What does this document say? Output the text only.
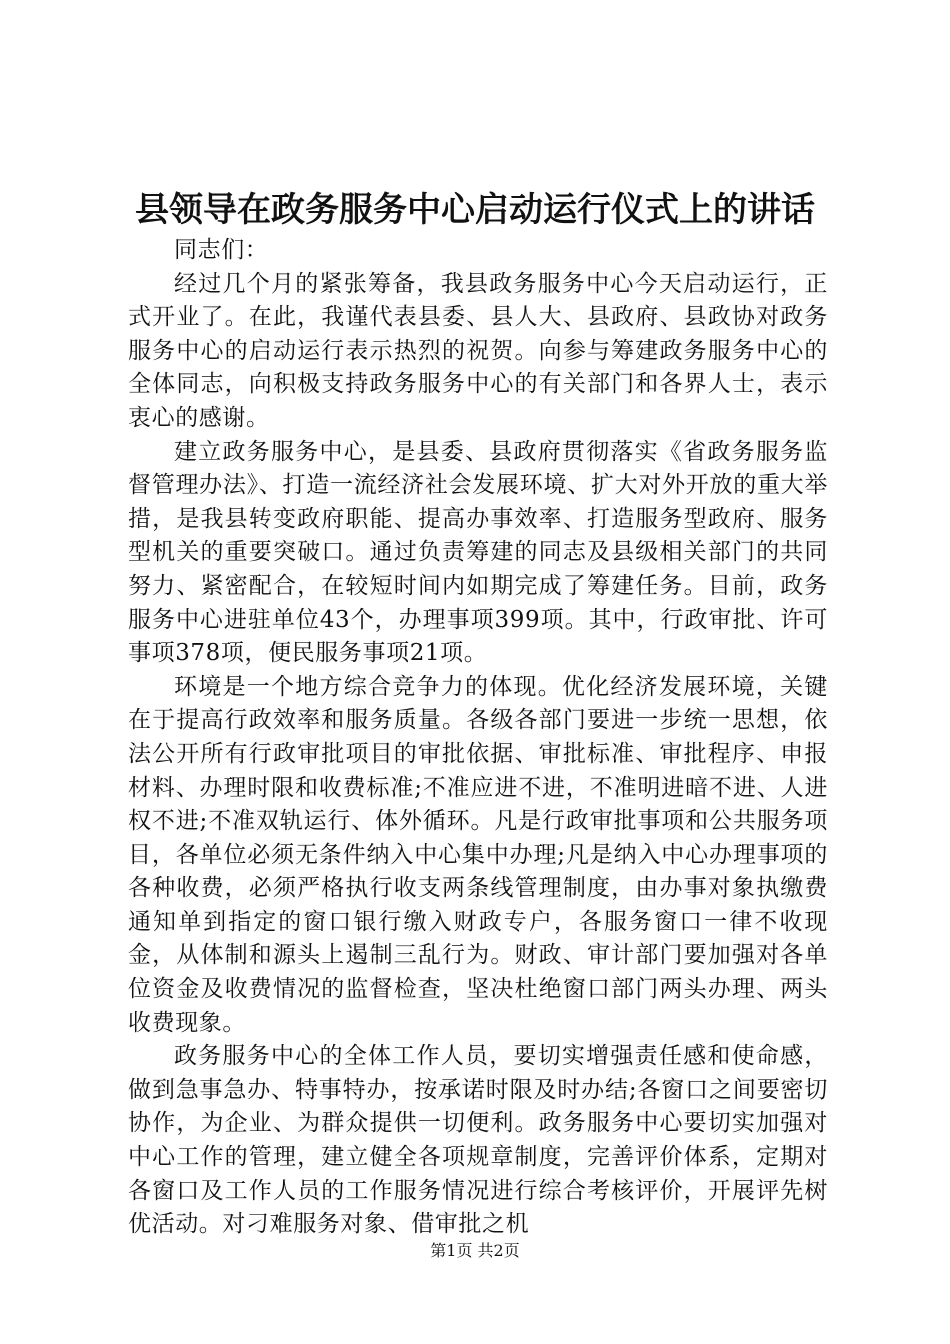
县领导在政务服务中心启动运行仪式上的讲话

同志们：

经过几个月的紧张筹备，我县政务服务中心今天启动运行，正式开业了。在此，我谨代表县委、县人大、县政府、县政协对政务服务中心的启动运行表示热烈的祝贺。向参与筹建政务服务中心的全体同志，向积极支持政务服务中心的有关部门和各界人士，表示衷心的感谢。

建立政务服务中心，是县委、县政府贯彻落实《省政务服务监督管理办法》、打造一流经济社会发展环境、扩大对外开放的重大举措，是我县转变政府职能、提高办事效率、打造服务型政府、服务型机关的重要突破口。通过负责筹建的同志及县级相关部门的共同努力、紧密配合，在较短时间内如期完成了筹建任务。目前，政务服务中心进驻单位43个，办理事项399项。其中，行政审批、许可事项378项，便民服务事项21项。

环境是一个地方综合竞争力的体现。优化经济发展环境，关键在于提高行政效率和服务质量。各级各部门要进一步统一思想，依法公开所有行政审批项目的审批依据、审批标准、审批程序、申报材料、办理时限和收费标准;不准应进不进，不准明进暗不进、人进权不进;不准双轨运行、体外循环。凡是行政审批事项和公共服务项目，各单位必须无条件纳入中心集中办理;凡是纳入中心办理事项的各种收费，必须严格执行收支两条线管理制度，由办事对象执缴费通知单到指定的窗口银行缴入财政专户，各服务窗口一律不收现金，从体制和源头上遏制三乱行为。财政、审计部门要加强对各单位资金及收费情况的监督检查，坚决杜绝窗口部门两头办理、两头收费现象。

政务服务中心的全体工作人员，要切实增强责任感和使命感，做到急事急办、特事特办，按承诺时限及时办结;各窗口之间要密切协作，为企业、为群众提供一切便利。政务服务中心要切实加强对中心工作的管理，建立健全各项规章制度，完善评价体系，定期对各窗口及工作人员的工作服务情况进行综合考核评价，开展评先树优活动。对刁难服务对象、借审批之机

第1页 共2页
